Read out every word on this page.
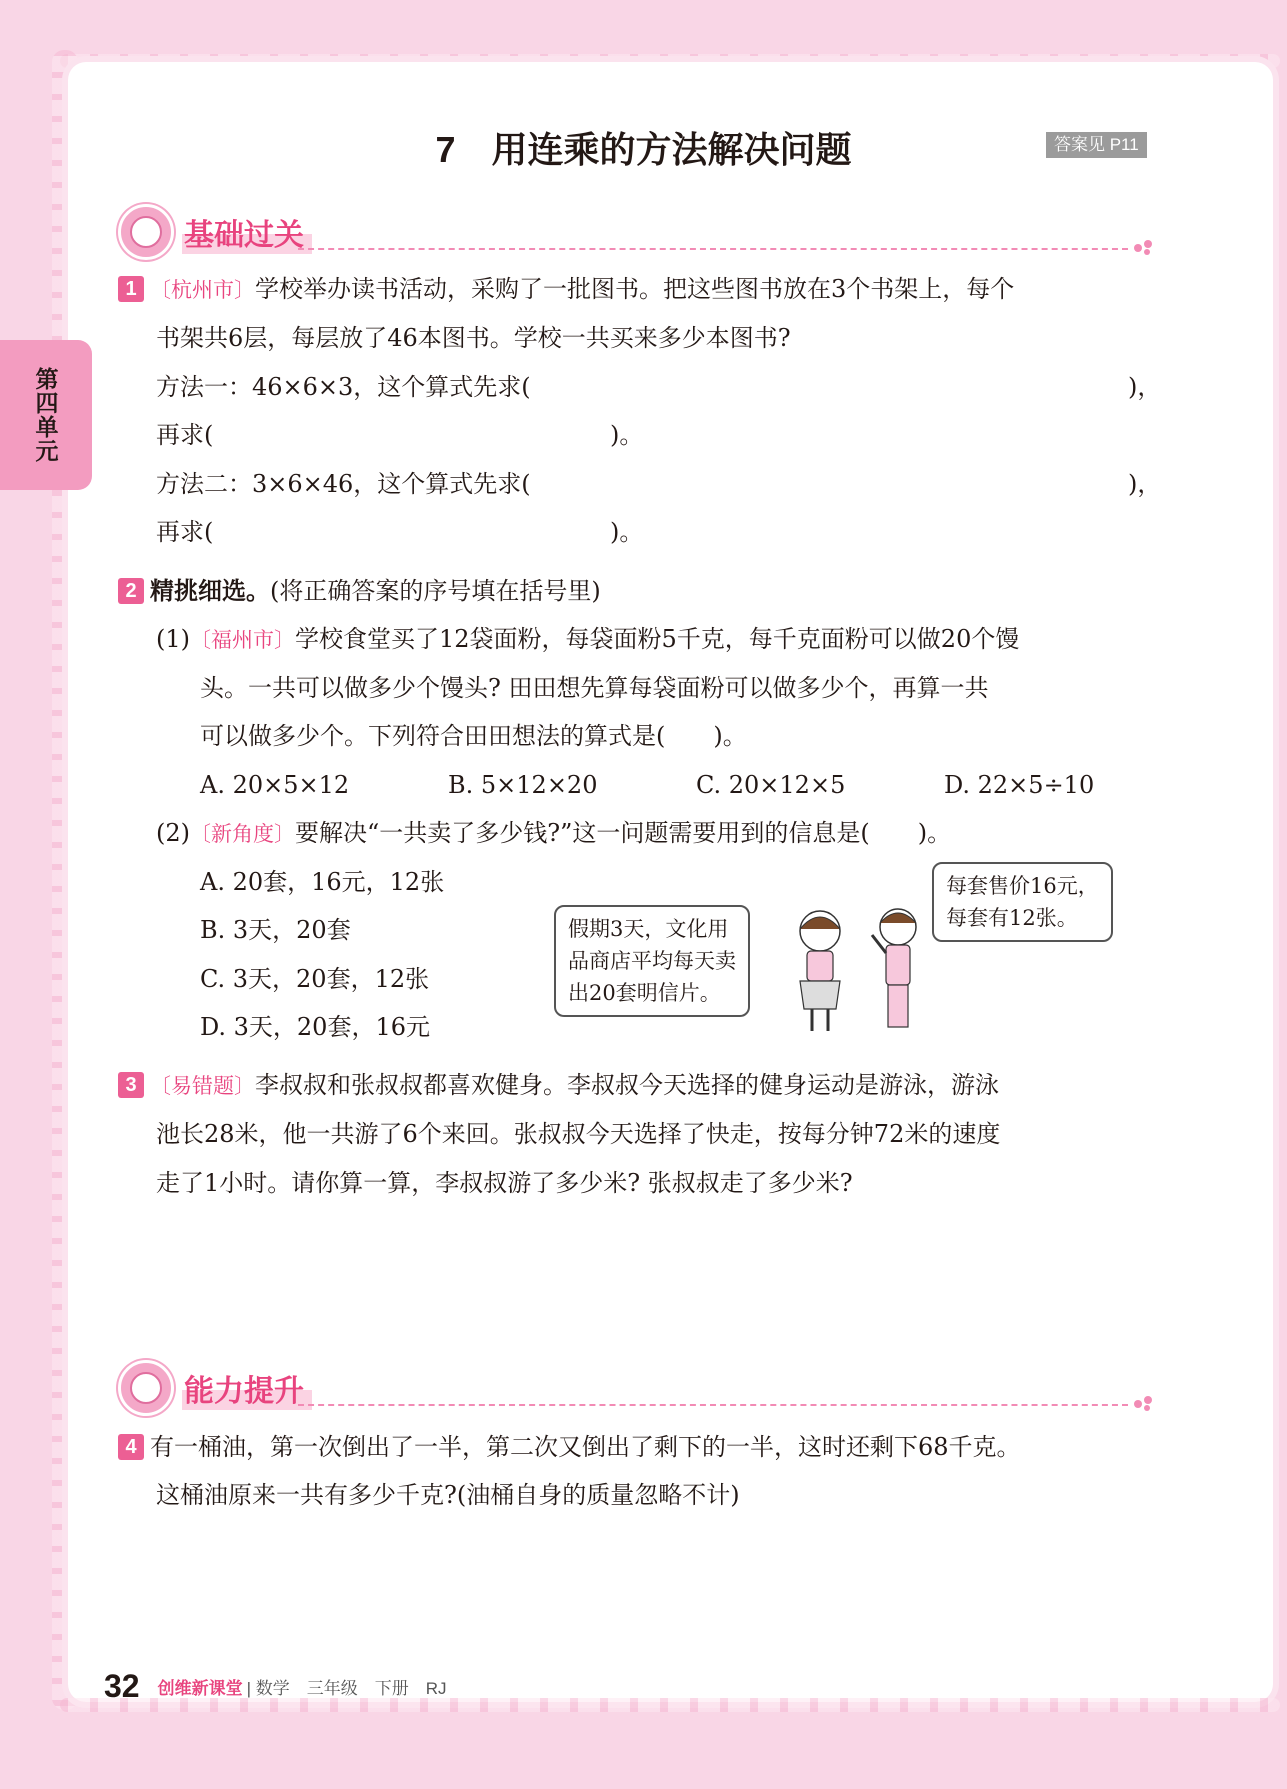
第四单元
7　用连乘的方法解决问题	答案见 P11
基础过关
1 〔杭州市〕学校举办读书活动，采购了一批图书。把这些图书放在3个书架上，每个
书架共6层，每层放了46本图书。学校一共买来多少本图书?
方法一：46×6×3，这个算式先求(	)，
再求(	)。
方法二：3×6×46，这个算式先求(	)，
再求(	)。
2 精挑细选。(将正确答案的序号填在括号里)
(1)〔福州市〕学校食堂买了12袋面粉，每袋面粉5千克，每千克面粉可以做20个馒
头。一共可以做多少个馒头? 田田想先算每袋面粉可以做多少个，再算一共
可以做多少个。下列符合田田想法的算式是(　　)。
A. 20×5×12	B. 5×12×20	C. 20×12×5	D. 22×5÷10
(2)〔新角度〕要解决“一共卖了多少钱?”这一问题需要用到的信息是(　　)。
A. 20套，16元，12张
B. 3天，20套
C. 3天，20套，12张
D. 3天，20套，16元
假期3天，文化用
品商店平均每天卖
出20套明信片。
每套售价16元，
每套有12张。
3 〔易错题〕李叔叔和张叔叔都喜欢健身。李叔叔今天选择的健身运动是游泳，游泳
池长28米，他一共游了6个来回。张叔叔今天选择了快走，按每分钟72米的速度
走了1小时。请你算一算，李叔叔游了多少米? 张叔叔走了多少米?
能力提升
4 有一桶油，第一次倒出了一半，第二次又倒出了剩下的一半，这时还剩下68千克。
这桶油原来一共有多少千克?(油桶自身的质量忽略不计)
32 创维新课堂 | 数学　三年级　下册　RJ
